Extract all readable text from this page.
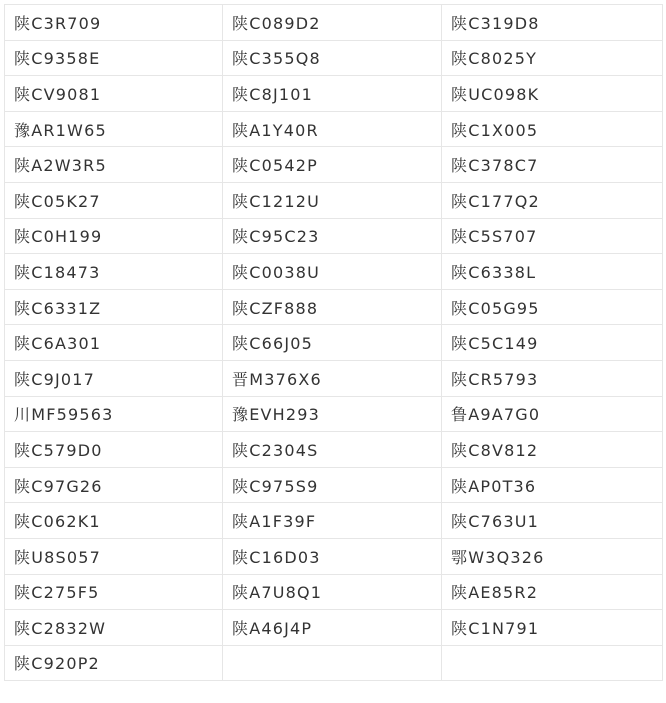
陕C3R709	陕C089D2	陕C319D8
陕C9358E	陕C355Q8	陕C8025Y
陕CV9081	陕C8J101	陕UC098K
豫AR1W65	陕A1Y40R	陕C1X005
陕A2W3R5	陕C0542P	陕C378C7
陕C05K27	陕C1212U	陕C177Q2
陕C0H199	陕C95C23	陕C5S707
陕C18473	陕C0038U	陕C6338L
陕C6331Z	陕CZF888	陕C05G95
陕C6A301	陕C66J05	陕C5C149
陕C9J017	晋M376X6	陕CR5793
川MF59563	豫EVH293	鲁A9A7G0
陕C579D0	陕C2304S	陕C8V812
陕C97G26	陕C975S9	陕AP0T36
陕C062K1	陕A1F39F	陕C763U1
陕U8S057	陕C16D03	鄂W3Q326
陕C275F5	陕A7U8Q1	陕AE85R2
陕C2832W	陕A46J4P	陕C1N791
陕C920P2		
